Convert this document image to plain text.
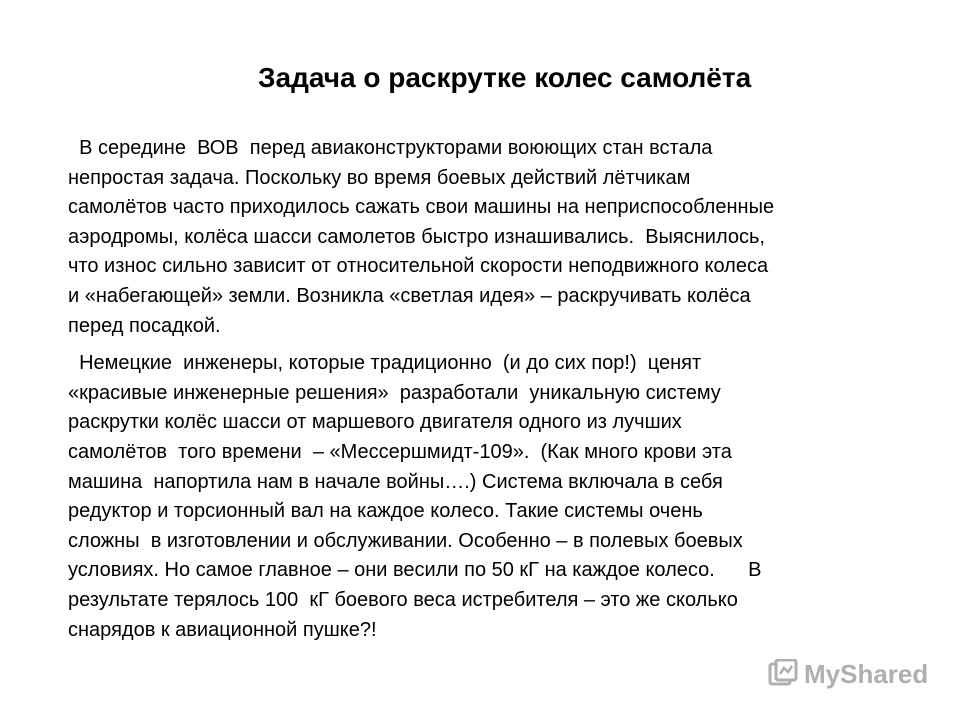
Задача о раскрутке колес самолёта

В середине  ВОВ  перед авиаконструкторами воюющих стан встала
непростая задача. Поскольку во время боевых действий лётчикам
самолётов часто приходилось сажать свои машины на неприспособленные
аэродромы, колёса шасси самолетов быстро изнашивались.  Выяснилось,
что износ сильно зависит от относительной скорости неподвижного колеса
и «набегающей» земли. Возникла «светлая идея» – раскручивать колёса
перед посадкой.

Немецкие  инженеры, которые традиционно  (и до сих пор!)  ценят
«красивые инженерные решения»  разработали  уникальную систему
раскрутки колёс шасси от маршевого двигателя одного из лучших
самолётов  того времени  – «Мессершмидт-109».  (Как много крови эта
машина  напортила нам в начале войны….) Система включала в себя
редуктор и торсионный вал на каждое колесо. Такие системы очень
сложны  в изготовлении и обслуживании. Особенно – в полевых боевых
условиях. Но самое главное – они весили по 50 кГ на каждое колесо.      В
результате терялось 100  кГ боевого веса истребителя – это же сколько
снарядов к авиационной пушке?!

MyShared
